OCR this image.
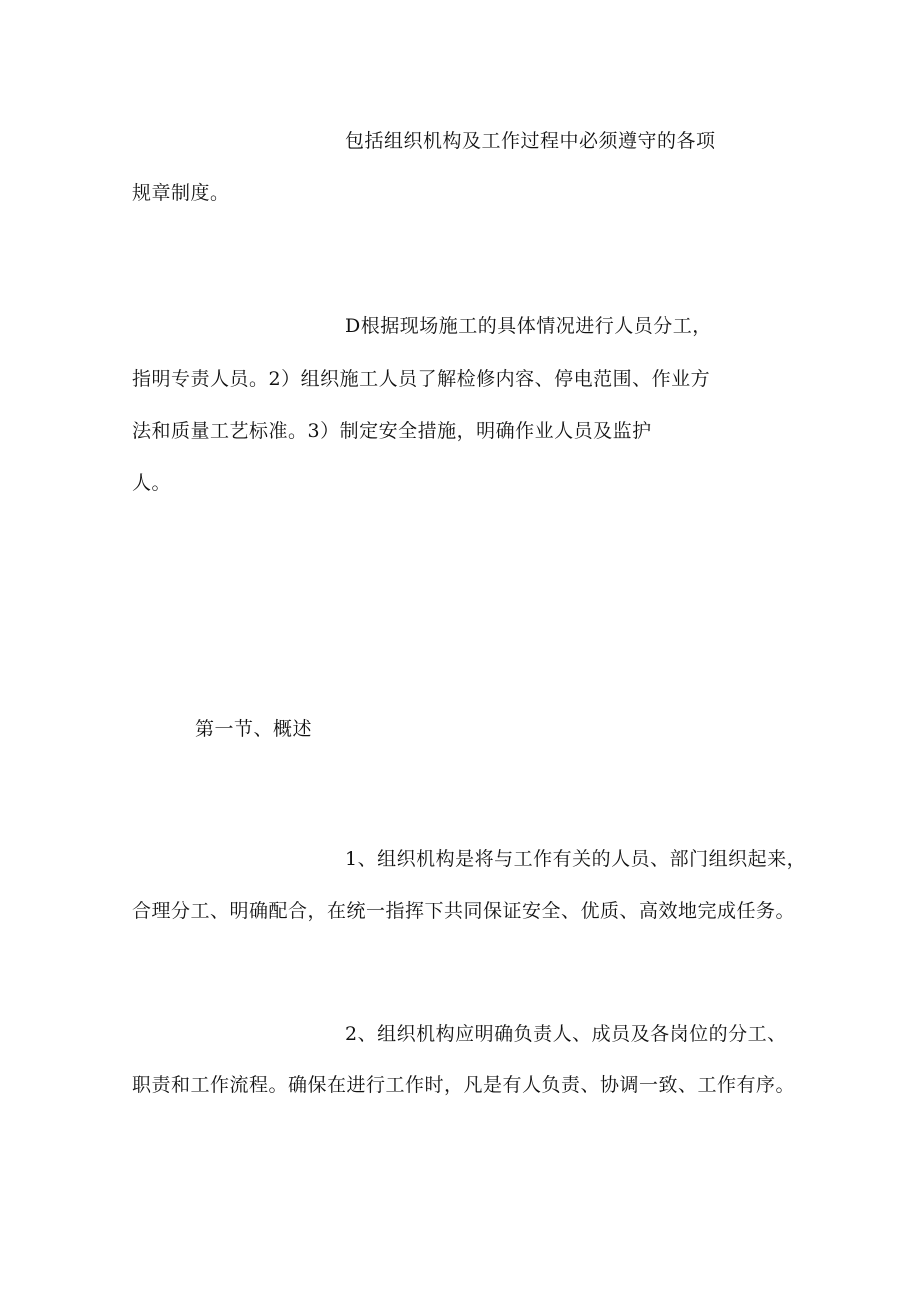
包括组织机构及工作过程中必须遵守的各项
规章制度。
D根据现场施工的具体情况进行人员分工，
指明专责人员。2）组织施工人员了解检修内容、停电范围、作业方
法和质量工艺标准。3）制定安全措施，明确作业人员及监护
人。
第一节、概述
1、组织机构是将与工作有关的人员、部门组织起来，
合理分工、明确配合，在统一指挥下共同保证安全、优质、高效地完成任务。
2、组织机构应明确负责人、成员及各岗位的分工、
职责和工作流程。确保在进行工作时，凡是有人负责、协调一致、工作有序。
